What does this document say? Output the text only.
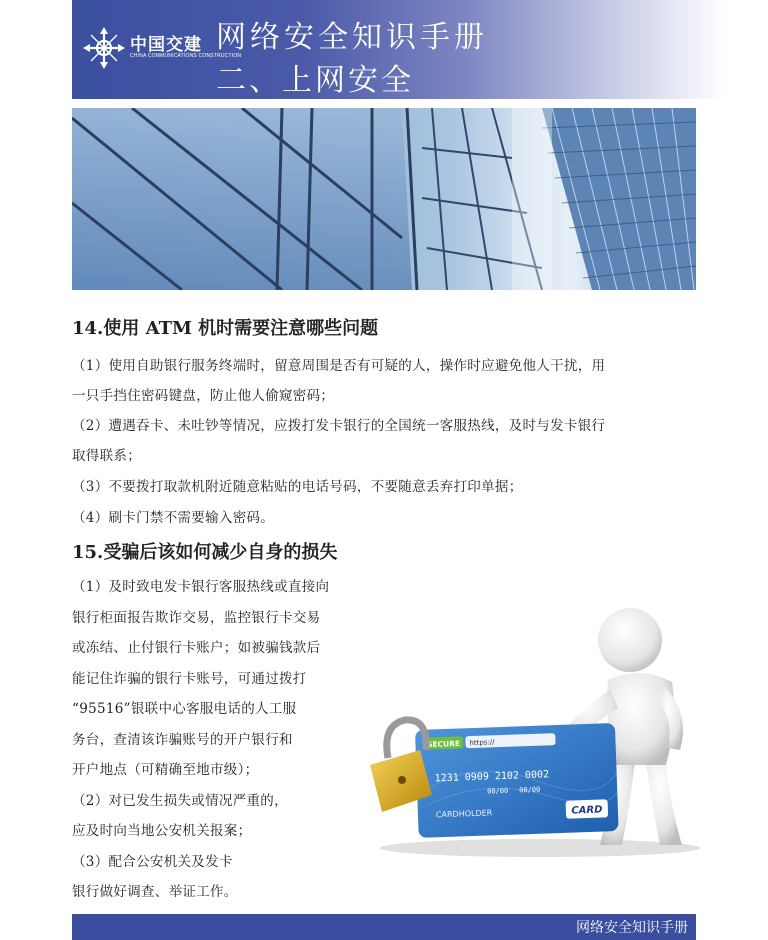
中国交建
CHINA COMMUNICATIONS CONSTRUCTION
网络安全知识手册
二、上网安全
14.使用 ATM 机时需要注意哪些问题
（1）使用自助银行服务终端时，留意周围是否有可疑的人，操作时应避免他人干扰，用
一只手挡住密码键盘，防止他人偷窥密码；
（2）遭遇吞卡、未吐钞等情况，应拨打发卡银行的全国统一客服热线，及时与发卡银行
取得联系；
（3）不要拨打取款机附近随意粘贴的电话号码，不要随意丢弃打印单据；
（4）刷卡门禁不需要输入密码。
15.受骗后该如何减少自身的损失
（1）及时致电发卡银行客服热线或直接向
银行柜面报告欺诈交易，监控银行卡交易
或冻结、止付银行卡账户；如被骗钱款后
能记住诈骗的银行卡账号，可通过拨打
“95516”银联中心客服电话的人工服
务台，查清该诈骗账号的开户银行和
开户地点（可精确至地市级）；
（2）对已发生损失或情况严重的，
应及时向当地公安机关报案；
（3）配合公安机关及发卡
银行做好调查、举证工作。
SECURE https://
1231 0909 2102 0002
00/00 00/00
CARDHOLDER	CARD
网络安全知识手册
